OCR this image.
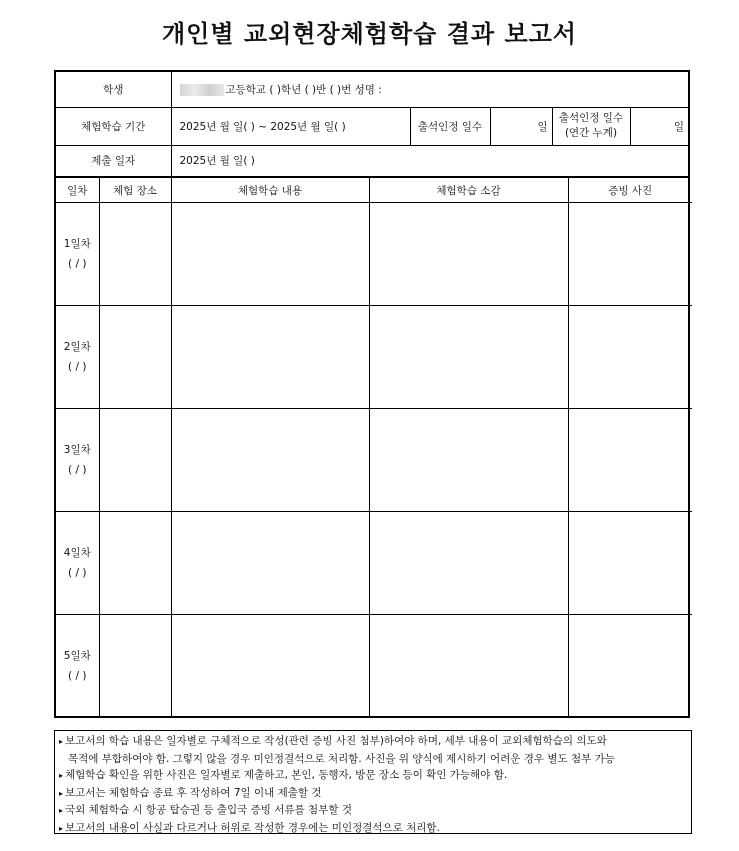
개인별 교외현장체험학습 결과 보고서
학생	고등학교 ( )학년 ( )반 ( )번 성명 :				
체험학습 기간	2025년 월 일( ) ~ 2025년 월 일( )	출석인정 일수	일	출석인정 일수
(연간 누계)	일
제출 일자	2025년 월 일( )				
일차	체험 장소	체험학습 내용	체험학습 소감	증빙 사진
1일차
( / )				
2일차
( / )				
3일차
( / )				
4일차
( / )				
5일차
( / )				
▸ 보고서의 학습 내용은 일자별로 구체적으로 작성(관련 증빙 사진 첨부)하여야 하며, 세부 내용이 교외체험학습의 의도와
목적에 부합하여야 함. 그렇지 않을 경우 미인정결석으로 처리함. 사진을 위 양식에 제시하기 어려운 경우 별도 첨부 가능
▸ 체험학습 확인을 위한 사진은 일자별로 제출하고, 본인, 동행자, 방문 장소 등이 확인 가능해야 함.
▸ 보고서는 체험학습 종료 후 작성하여 7일 이내 제출할 것
▸ 국외 체험학습 시 항공 탑승권 등 출입국 증빙 서류를 첨부할 것
▸ 보고서의 내용이 사실과 다르거나 허위로 작성한 경우에는 미인정결석으로 처리함.
